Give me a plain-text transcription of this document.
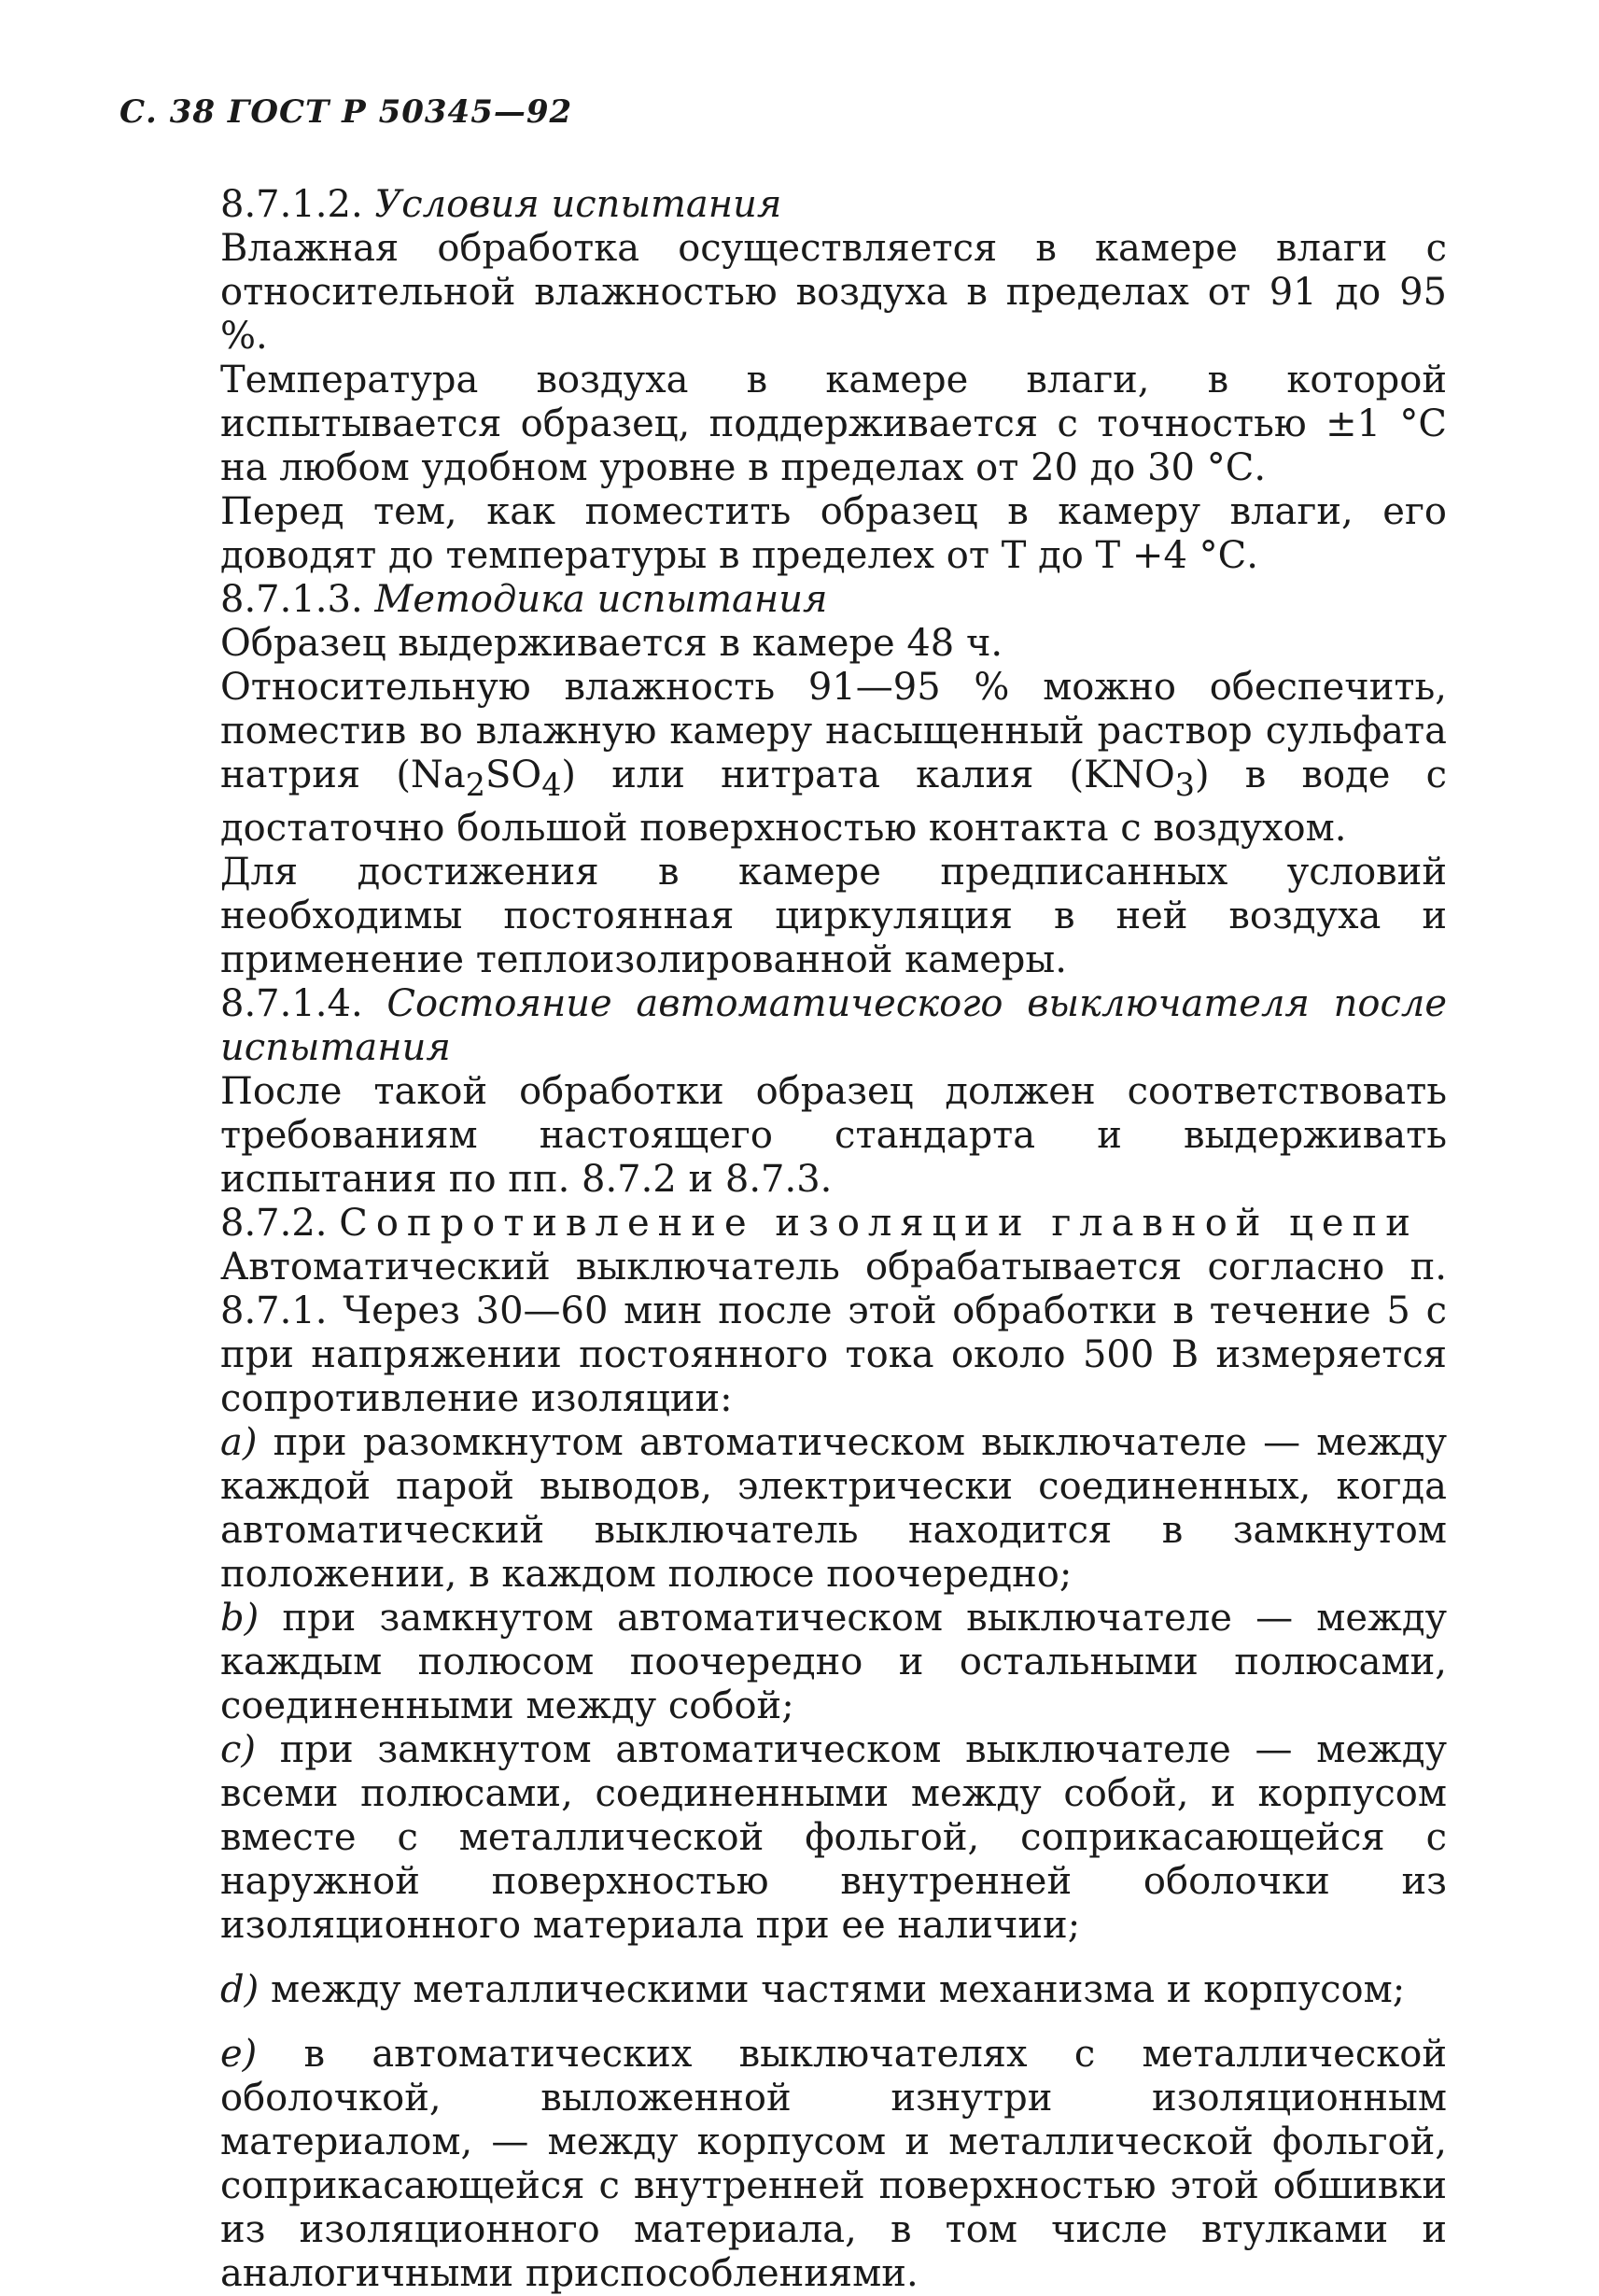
С. 38 ГОСТ Р 50345—92

8.7.1.2. Условия испытания

Влажная обработка осуществляется в камере влаги с относительной влажностью воздуха в пределах от 91 до 95 %.

Температура воздуха в камере влаги, в которой испытывается образец, поддерживается с точностью ±1 °С на любом удобном уровне в пределах от 20 до 30 °С.

Перед тем, как поместить образец в камеру влаги, его доводят до температуры в пределех от T до T +4 °С.

8.7.1.3. Методика испытания

Образец выдерживается в камере 48 ч.

Относительную влажность 91—95 % можно обеспечить, поместив во влажную камеру насыщенный раствор сульфата натрия $(Na_2SO_4)$ или нитрата калия $(KNO_3)$ в воде с достаточно большой поверхностью контакта с воздухом.

Для достижения в камере предписанных условий необходимы постоянная циркуляция в ней воздуха и применение теплоизолированной камеры.

8.7.1.4. Состояние автоматического выключателя после испытания

После такой обработки образец должен соответствовать требованиям настоящего стандарта и выдерживать испытания по пп. 8.7.2 и 8.7.3.

8.7.2. Сопротивление изоляции главной цепи

Автоматический выключатель обрабатывается согласно п. 8.7.1. Через 30—60 мин после этой обработки в течение 5 с при напряжении постоянного тока около 500 В измеряется сопротивление изоляции:

a) при разомкнутом автоматическом выключателе — между каждой парой выводов, электрически соединенных, когда автоматический выключатель находится в замкнутом положении, в каждом полюсе поочередно;

b) при замкнутом автоматическом выключателе — между каждым полюсом поочередно и остальными полюсами, соединенными между собой;

c) при замкнутом автоматическом выключателе — между всеми полюсами, соединенными между собой, и корпусом вместе с металлической фольгой, соприкасающейся с наружной поверхностью внутренней оболочки из изоляционного материала при ее наличии;

d) между металлическими частями механизма и корпусом;

e) в автоматических выключателях с металлической оболочкой, выложенной изнутри изоляционным материалом, — между корпусом и металлической фольгой, соприкасающейся с внутренней поверхностью этой обшивки из изоляционного материала, в том числе втулками и аналогичными приспособлениями.
